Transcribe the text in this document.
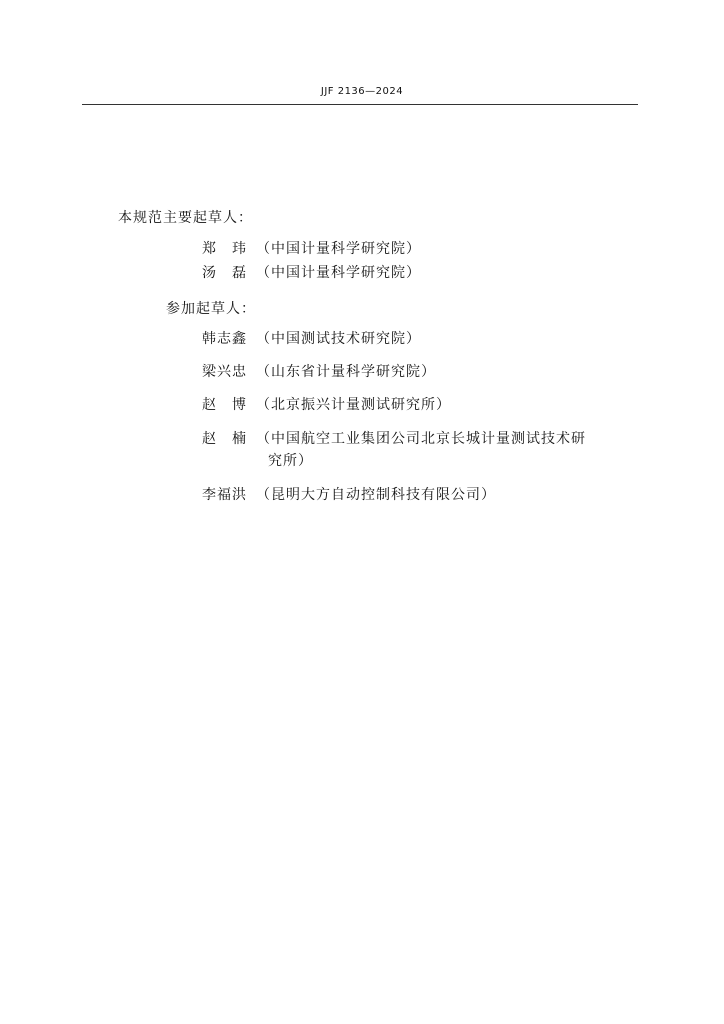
JJF 2136—2024
本规范主要起草人：
郑　玮 （中国计量科学研究院）
汤　磊 （中国计量科学研究院）
参加起草人：
韩志鑫 （中国测试技术研究院）
梁兴忠 （山东省计量科学研究院）
赵　博 （北京振兴计量测试研究所）
赵　楠 （中国航空工业集团公司北京长城计量测试技术研
究所）
李福洪 （昆明大方自动控制科技有限公司）
